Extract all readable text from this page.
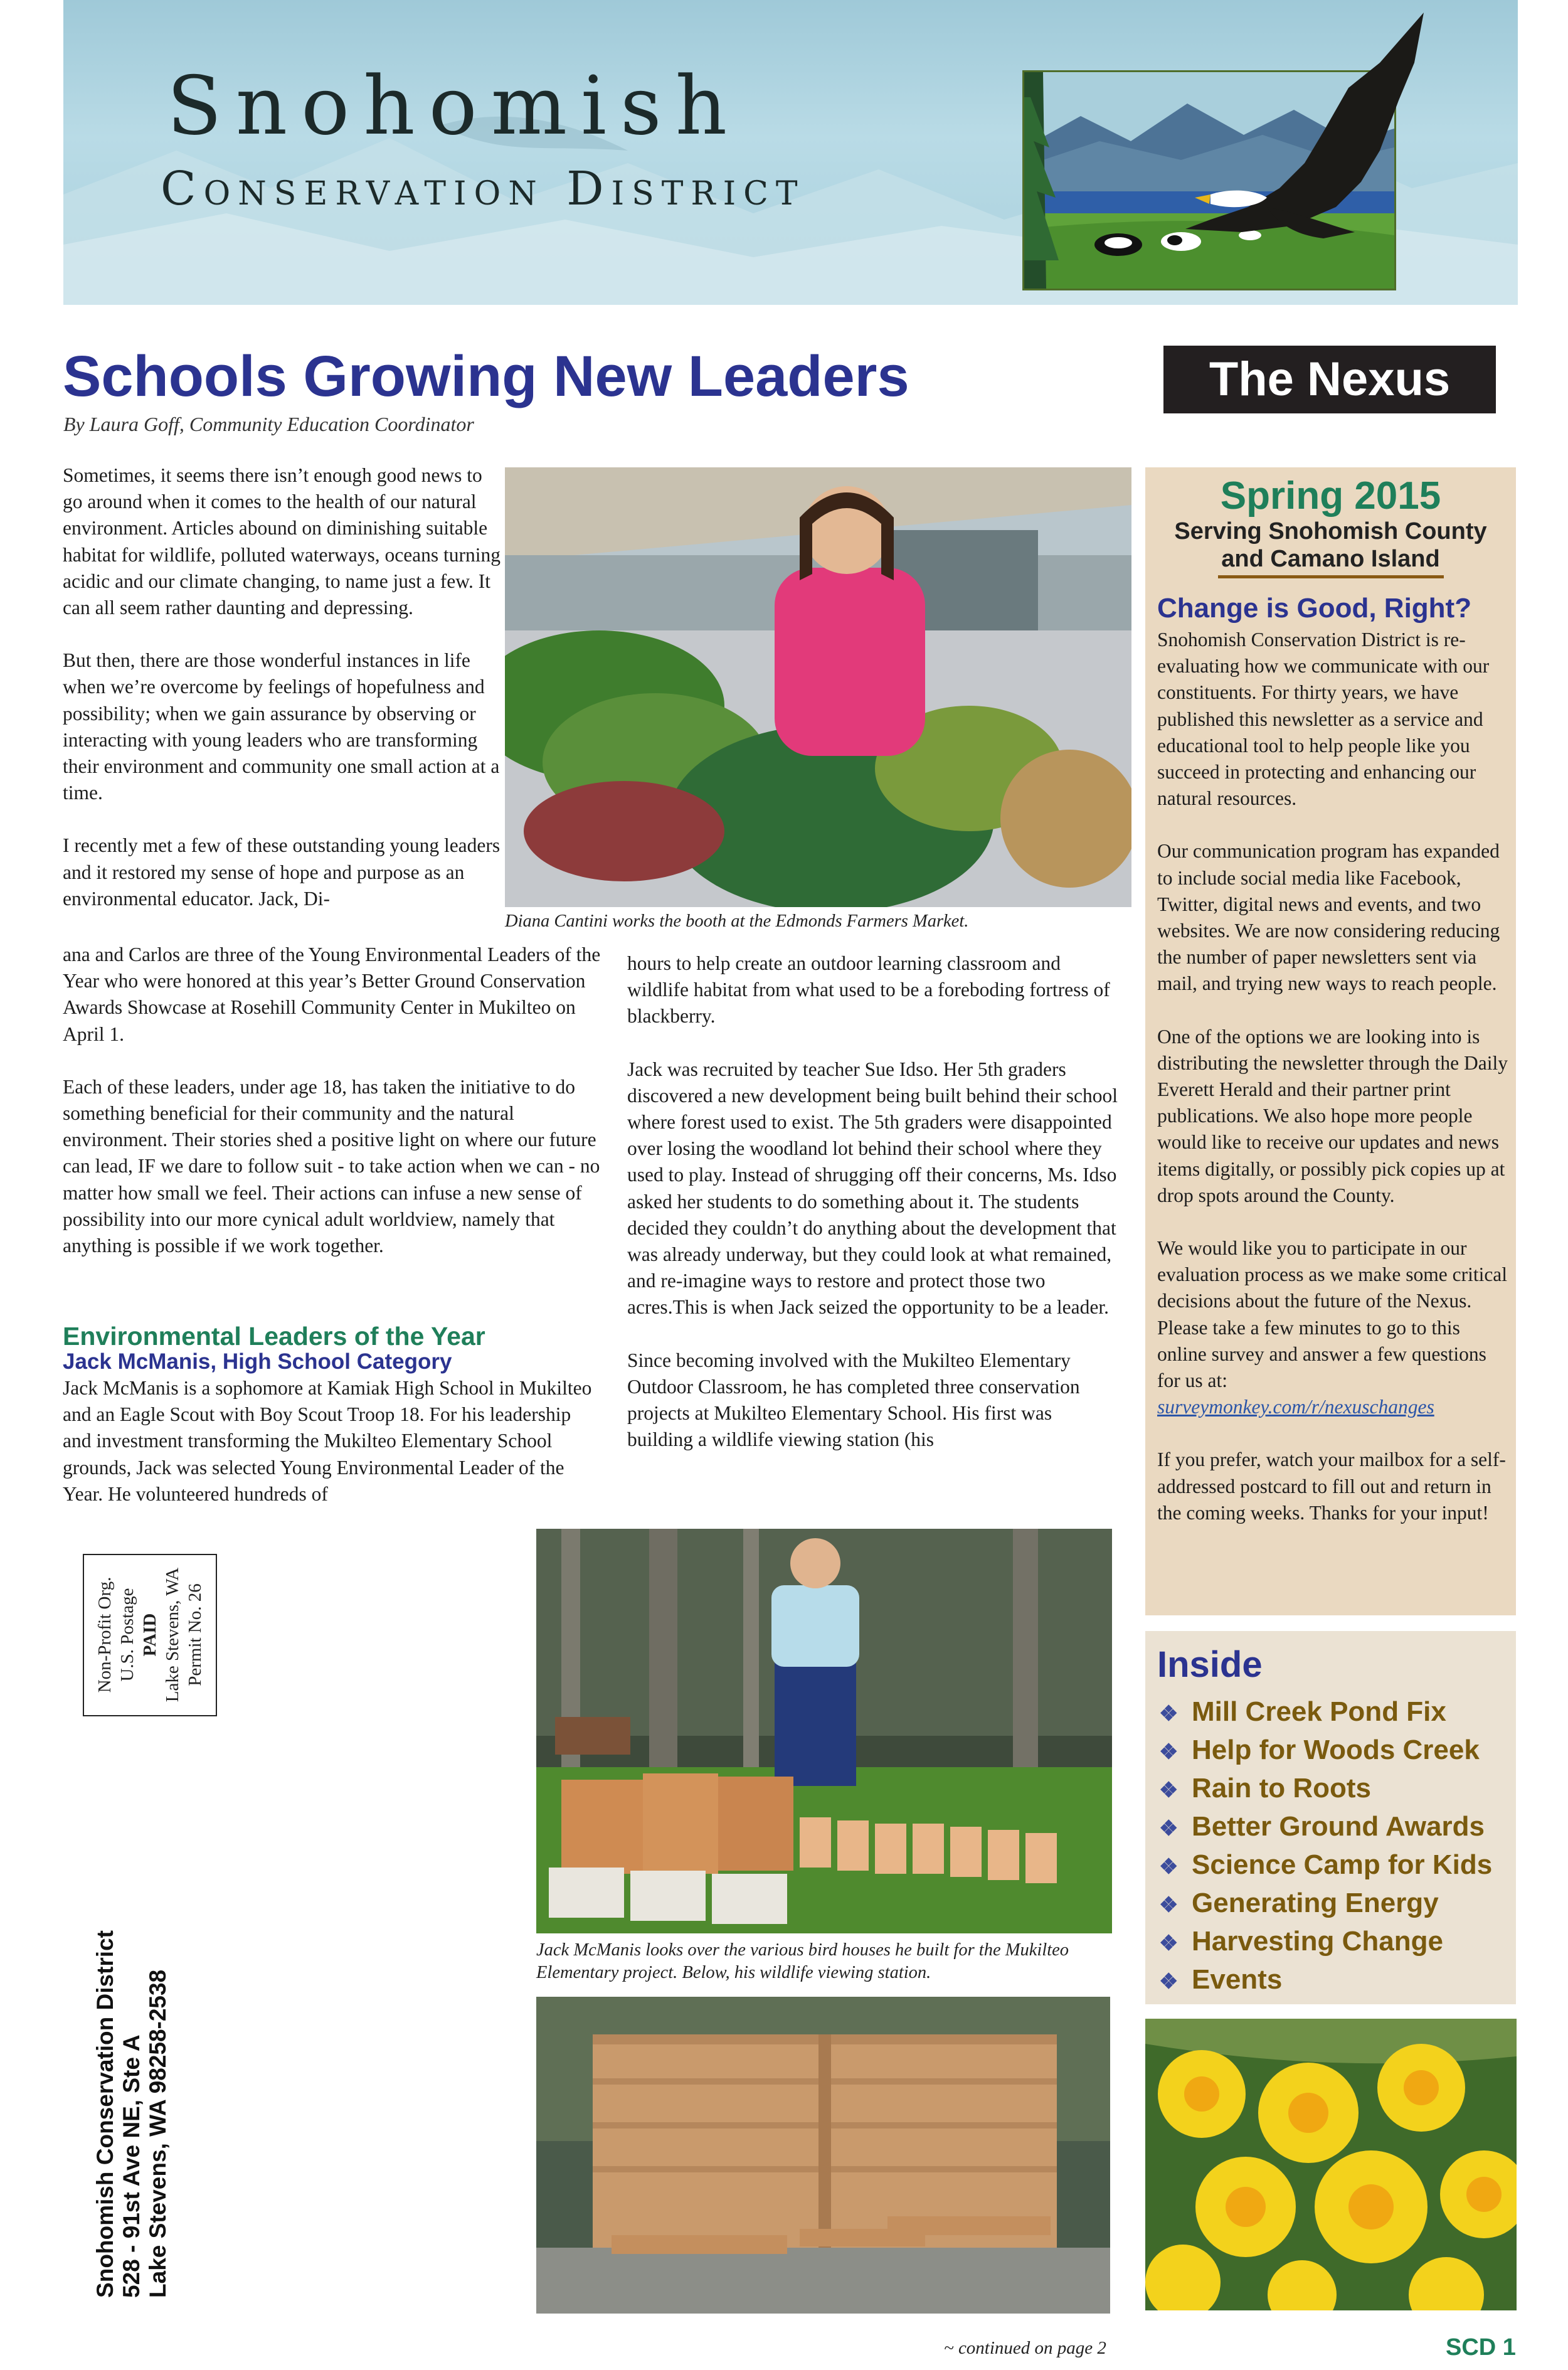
Snohomish
Conservation District
Schools Growing New Leaders
By Laura Goff, Community Education Coordinator
The Nexus

Sometimes, it seems there isn’t enough good news to go around when it comes to the health of our natural environment. Articles abound on diminishing suitable habitat for wildlife, polluted waterways, oceans turning acidic and our climate changing, to name just a few. It can all seem rather daunting and depressing.

But then, there are those wonderful instances in life when we’re overcome by feelings of hopefulness and possibility; when we gain assurance by observing or interacting with young leaders who are transforming their environment and community one small action at a time.

I recently met a few of these outstanding young leaders and it restored my sense of hope and purpose as an environmental educator. Jack, Di-

Diana Cantini works the booth at the Edmonds Farmers Market.

ana and Carlos are three of the Young Environmental Leaders of the Year who were honored at this year’s Better Ground Conservation Awards Showcase at Rosehill Community Center in Mukilteo on April 1.

Each of these leaders, under age 18, has taken the initiative to do something beneficial for their community and the natural environment. Their stories shed a positive light on where our future can lead, IF we dare to follow suit - to take action when we can - no matter how small we feel. Their actions can infuse a new sense of possibility into our more cynical adult worldview, namely that anything is possible if we work together.

Environmental Leaders of the Year
Jack McManis, High School Category
Jack McManis is a sophomore at Kamiak High School in Mukilteo and an Eagle Scout with Boy Scout Troop 18. For his leadership and investment transforming the Mukilteo Elementary School grounds, Jack was selected Young Environmental Leader of the Year. He volunteered hundreds of

hours to help create an outdoor learning classroom and wildlife habitat from what used to be a foreboding fortress of blackberry.

Jack was recruited by teacher Sue Idso. Her 5th graders discovered a new development being built behind their school where forest used to exist. The 5th graders were disappointed over losing the woodland lot behind their school where they used to play. Instead of shrugging off their concerns, Ms. Idso asked her students to do something about it. The students decided they couldn’t do anything about the development that was already underway, but they could look at what remained, and re-imagine ways to restore and protect those two acres.This is when Jack seized the opportunity to be a leader.

Since becoming involved with the Mukilteo Elementary Outdoor Classroom, he has completed three conservation projects at Mukilteo Elementary School. His first was building a wildlife viewing station (his

Jack McManis looks over the various bird houses he built for the Mukilteo Elementary project. Below, his wildlife viewing station.
Spring 2015
Serving Snohomish County
and Camano Island
Change is Good, Right?

Snohomish Conservation District is re-evaluating how we communicate with our constituents. For thirty years, we have published this newsletter as a service and educational tool to help people like you succeed in protecting and enhancing our natural resources.

Our communication program has expanded to include social media like Facebook, Twitter, digital news and events, and two websites. We are now considering reducing the number of paper newsletters sent via mail, and trying new ways to reach people.

One of the options we are looking into is distributing the newsletter through the Daily Everett Herald and their partner print publications. We also hope more people would like to receive our updates and news items digitally, or possibly pick copies up at drop spots around the County.

We would like you to participate in our evaluation process as we make some critical decisions about the future of the Nexus. Please take a few minutes to go to this online survey and answer a few questions for us at:

surveymonkey.com/r/nexuschanges

If you prefer, watch your mailbox for a self-addressed postcard to fill out and return in the coming weeks. Thanks for your input!

Inside
❖ Mill Creek Pond Fix
❖ Help for Woods Creek
❖ Rain to Roots
❖ Better Ground Awards
❖ Science Camp for Kids
❖ Generating Energy
❖ Harvesting Change
❖ Events
Non-Profit Org. U.S. Postage PAID Lake Stevens, WA Permit No. 26
Snohomish Conservation District 528 - 91st Ave NE, Ste A Lake Stevens, WA 98258-2538
~ continued on page 2	SCD 1
